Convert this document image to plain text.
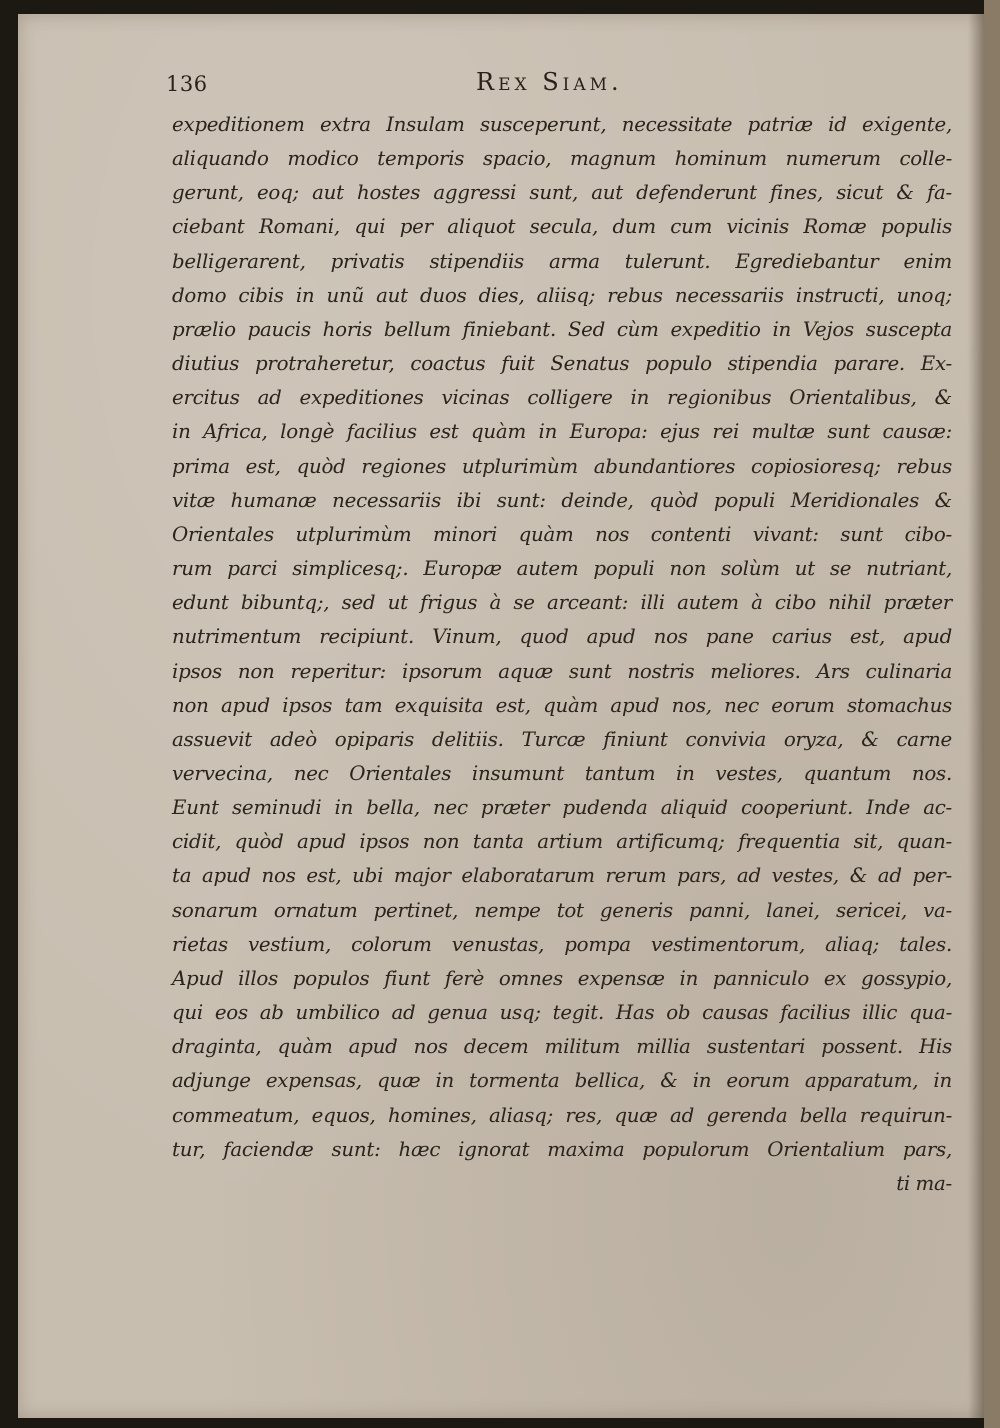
136	Rex Siam.
expeditionem extra Insulam susceperunt, necessitate patriæ id exigente,
aliquando modico temporis spacio, magnum hominum numerum colle-
gerunt, eoq; aut hostes aggressi sunt, aut defenderunt fines, sicut & fa-
ciebant Romani, qui per aliquot secula, dum cum vicinis Romæ populis
belligerarent, privatis stipendiis arma tulerunt. Egrediebantur enim
domo cibis in unũ aut duos dies, aliisq; rebus necessariis instructi, unoq;
prælio paucis horis bellum finiebant. Sed cùm expeditio in Vejos suscepta
diutius protraheretur, coactus fuit Senatus populo stipendia parare. Ex-
ercitus ad expeditiones vicinas colligere in regionibus Orientalibus, &
in Africa, longè facilius est quàm in Europa: ejus rei multæ sunt causæ:
prima est, quòd regiones utplurimùm abundantiores copiosioresq; rebus
vitæ humanæ necessariis ibi sunt: deinde, quòd populi Meridionales &
Orientales utplurimùm minori quàm nos contenti vivant: sunt cibo-
rum parci simplicesq;. Europæ autem populi non solùm ut se nutriant,
edunt bibuntq;, sed ut frigus à se arceant: illi autem à cibo nihil præter
nutrimentum recipiunt. Vinum, quod apud nos pane carius est, apud
ipsos non reperitur: ipsorum aquæ sunt nostris meliores. Ars culinaria
non apud ipsos tam exquisita est, quàm apud nos, nec eorum stomachus
assuevit adeò opiparis delitiis. Turcæ finiunt convivia oryza, & carne
vervecina, nec Orientales insumunt tantum in vestes, quantum nos.
Eunt seminudi in bella, nec præter pudenda aliquid cooperiunt. Inde ac-
cidit, quòd apud ipsos non tanta artium artificumq; frequentia sit, quan-
ta apud nos est, ubi major elaboratarum rerum pars, ad vestes, & ad per-
sonarum ornatum pertinet, nempe tot generis panni, lanei, sericei, va-
rietas vestium, colorum venustas, pompa vestimentorum, aliaq; tales.
Apud illos populos fiunt ferè omnes expensæ in panniculo ex gossypio,
qui eos ab umbilico ad genua usq; tegit. Has ob causas facilius illic qua-
draginta, quàm apud nos decem militum millia sustentari possent. His
adjunge expensas, quæ in tormenta bellica, & in eorum apparatum, in
commeatum, equos, homines, aliasq; res, quæ ad gerenda bella requirun-
tur, faciendæ sunt: hæc ignorat maxima populorum Orientalium pars,
ti ma-
